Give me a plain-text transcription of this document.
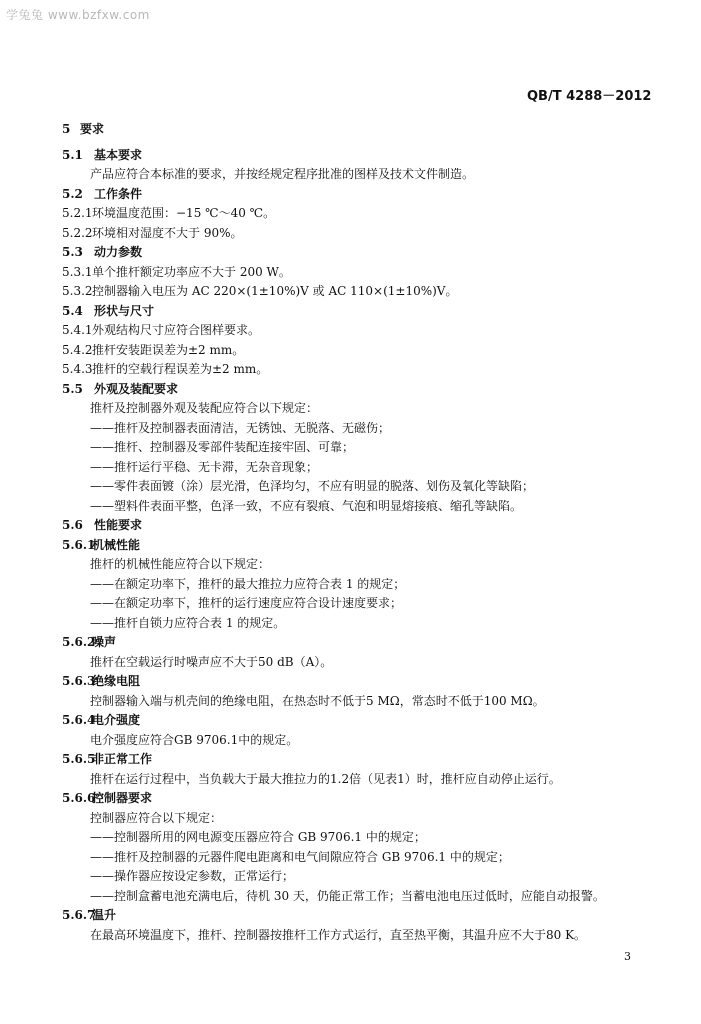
学兔兔 www.bzfxw.com
QB/T 4288－2012
5 要求
5.1 基本要求
产品应符合本标准的要求，并按经规定程序批准的图样及技术文件制造。
5.2 工作条件
5.2.1 环境温度范围：−15 ℃～40 ℃。
5.2.2 环境相对湿度不大于 90%。
5.3 动力参数
5.3.1 单个推杆额定功率应不大于 200 W。
5.3.2 控制器输入电压为 AC 220×(1±10%)V 或 AC 110×(1±10%)V。
5.4 形状与尺寸
5.4.1 外观结构尺寸应符合图样要求。
5.4.2 推杆安装距误差为±2 mm。
5.4.3 推杆的空载行程误差为±2 mm。
5.5 外观及装配要求
推杆及控制器外观及装配应符合以下规定：
——推杆及控制器表面清洁，无锈蚀、无脱落、无磁伤；
——推杆、控制器及零部件装配连接牢固、可靠；
——推杆运行平稳、无卡滞，无杂音现象；
——零件表面镀（涂）层光滑，色泽均匀，不应有明显的脱落、划伤及氧化等缺陷；
——塑料件表面平整，色泽一致，不应有裂痕、气泡和明显熔接痕、缩孔等缺陷。
5.6 性能要求
5.6.1
机械性能
推杆的机械性能应符合以下规定：
——在额定功率下，推杆的最大推拉力应符合表 1 的规定；
——在额定功率下，推杆的运行速度应符合设计速度要求；
——推杆自锁力应符合表 1 的规定。
5.6.2
噪声
推杆在空载运行时噪声应不大于50 dB（A）。
5.6.3
绝缘电阻
控制器输入端与机壳间的绝缘电阻，在热态时不低于5 MΩ，常态时不低于100 MΩ。
5.6.4
电介强度
电介强度应符合GB 9706.1中的规定。
5.6.5
非正常工作
推杆在运行过程中，当负载大于最大推拉力的1.2倍（见表1）时，推杆应自动停止运行。
5.6.6
控制器要求
控制器应符合以下规定：
——控制器所用的网电源变压器应符合 GB 9706.1 中的规定；
——推杆及控制器的元器件爬电距离和电气间隙应符合 GB 9706.1 中的规定；
——操作器应按设定参数，正常运行；
——控制盒蓄电池充满电后，待机 30 天，仍能正常工作；当蓄电池电压过低时，应能自动报警。
5.6.7
温升
在最高环境温度下，推杆、控制器按推杆工作方式运行，直至热平衡，其温升应不大于80 K。
3
